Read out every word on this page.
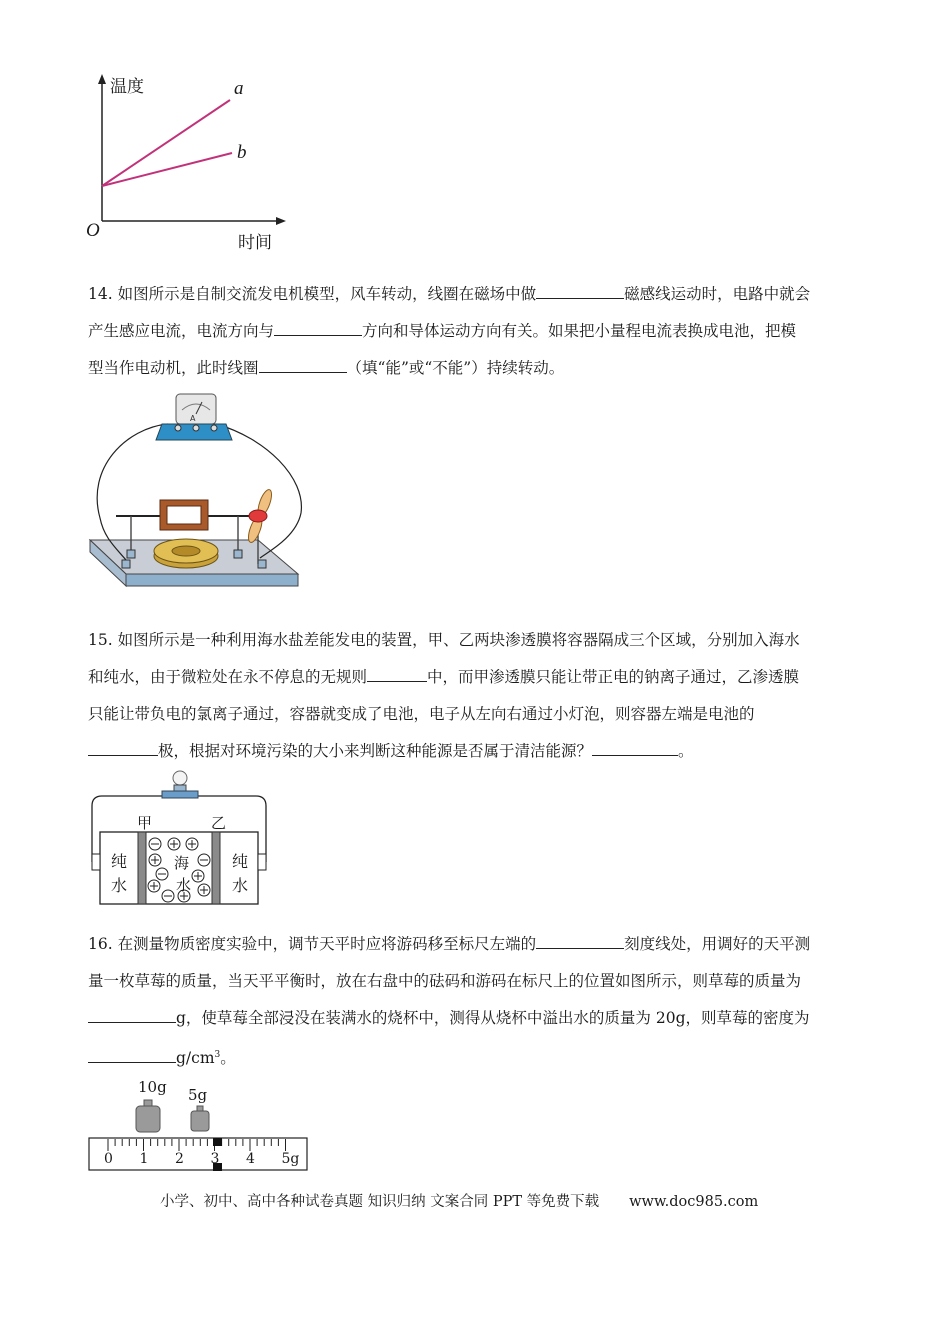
温度
时间
O
a
b
14. 如图所示是自制交流发电机模型，风车转动，线圈在磁场中做	磁感线运动时，电路中就会
产生感应电流，电流方向与	方向和导体运动方向有关。如果把小量程电流表换成电池，把模
型当作电动机，此时线圈	（填“能”或“不能”）持续转动。
A
15. 如图所示是一种利用海水盐差能发电的装置，甲、乙两块渗透膜将容器隔成三个区域，分别加入海水
和纯水，由于微粒处在永不停息的无规则	中，而甲渗透膜只能让带正电的钠离子通过，乙渗透膜
只能让带负电的氯离子通过，容器就变成了电池，电子从左向右通过小灯泡，则容器左端是电池的
极，根据对环境污染的大小来判断这种能源是否属于清洁能源？	。
甲	乙
纯
水
海
水
纯
水
16. 在测量物质密度实验中，调节天平时应将游码移至标尺左端的	刻度线处，用调好的天平测
量一枚草莓的质量，当天平平衡时，放在右盘中的砝码和游码在标尺上的位置如图所示，则草莓的质量为
g，使草莓全部浸没在装满水的烧杯中，测得从烧杯中溢出水的质量为 20g，则草莓的密度为
$g/cm^3$。
10g 5g
0 1 2 3 4 5g
小学、初中、高中各种试卷真题 知识归纳 文案合同 PPT 等免费下载 www.doc985.com
